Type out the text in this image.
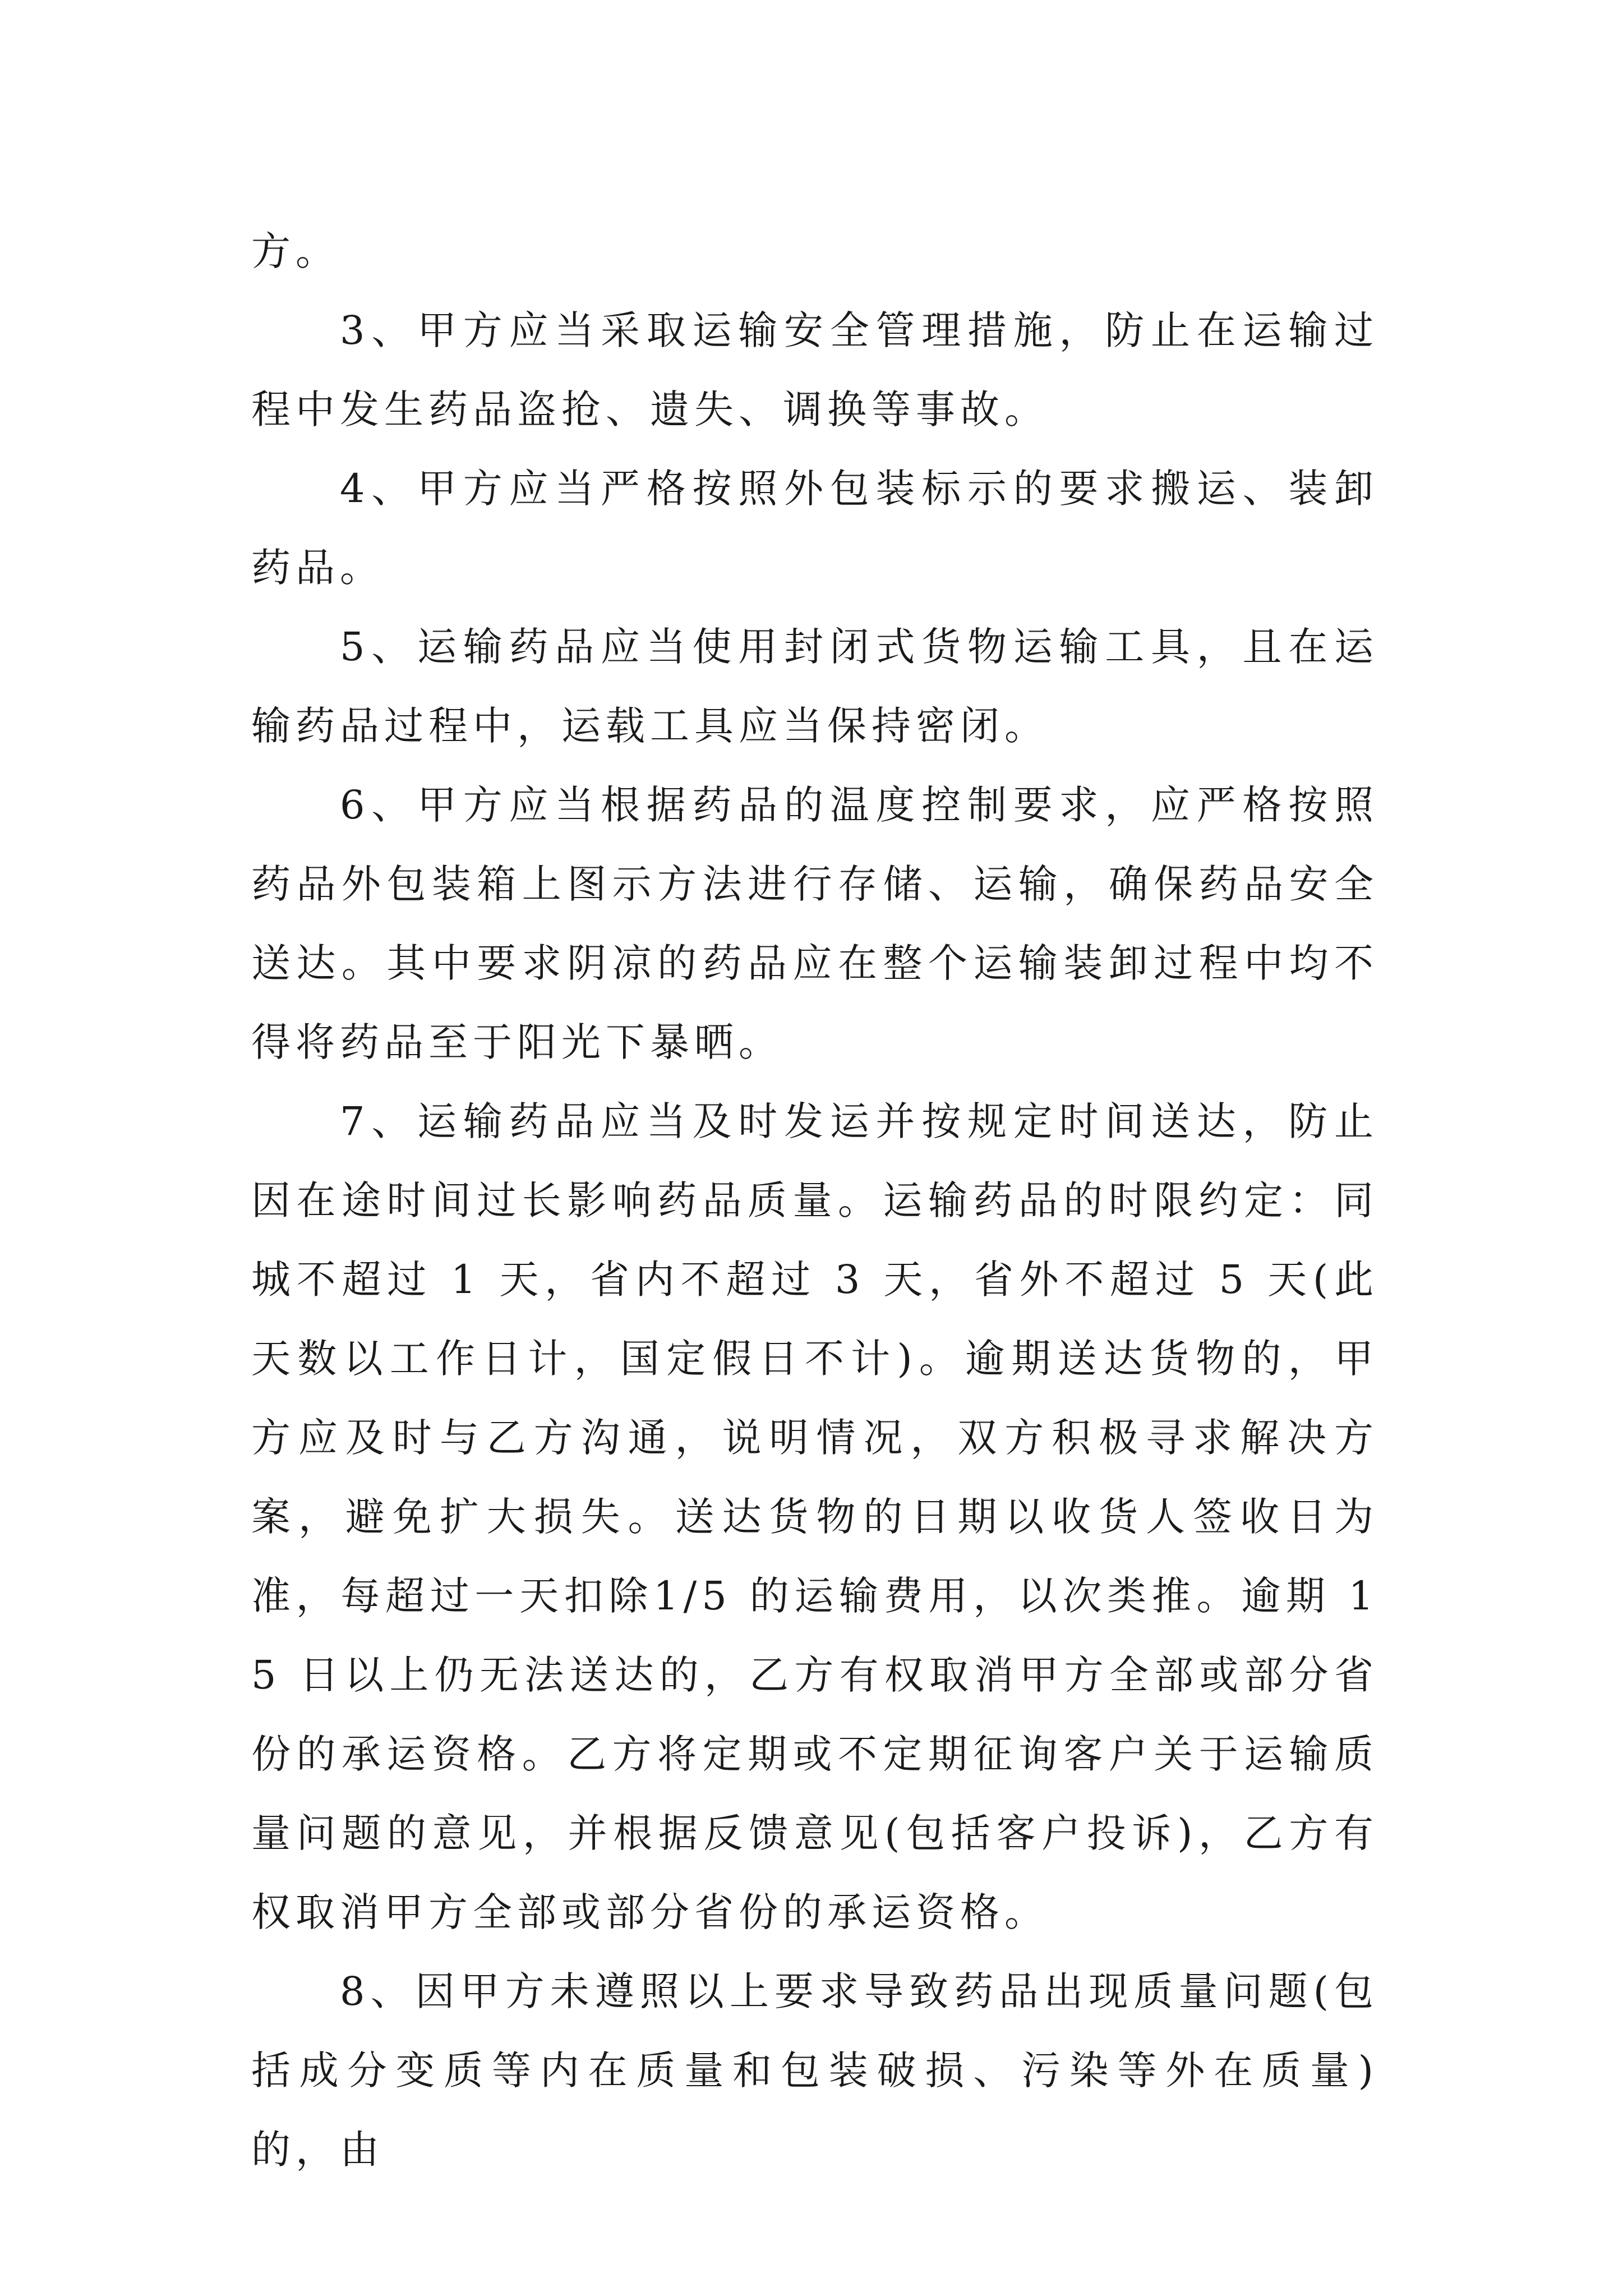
方。

3、甲方应当采取运输安全管理措施，防止在运输过程中发生药品盗抢、遗失、调换等事故。

4、甲方应当严格按照外包装标示的要求搬运、装卸药品。

5、运输药品应当使用封闭式货物运输工具，且在运输药品过程中，运载工具应当保持密闭。

6、甲方应当根据药品的温度控制要求，应严格按照药品外包装箱上图示方法进行存储、运输，确保药品安全送达。其中要求阴凉的药品应在整个运输装卸过程中均不得将药品至于阳光下暴晒。

7、运输药品应当及时发运并按规定时间送达，防止因在途时间过长影响药品质量。运输药品的时限约定：同城不超过 1 天，省内不超过 3 天，省外不超过 5 天(此天数以工作日计，国定假日不计)。逾期送达货物的，甲方应及时与乙方沟通，说明情况，双方积极寻求解决方案，避免扩大损失。送达货物的日期以收货人签收日为准，每超过一天扣除1/5 的运输费用，以次类推。逾期 15 日以上仍无法送达的，乙方有权取消甲方全部或部分省份的承运资格。乙方将定期或不定期征询客户关于运输质量问题的意见，并根据反馈意见(包括客户投诉)，乙方有权取消甲方全部或部分省份的承运资格。

8、因甲方未遵照以上要求导致药品出现质量问题(包括成分变质等内在质量和包装破损、污染等外在质量)的，由
